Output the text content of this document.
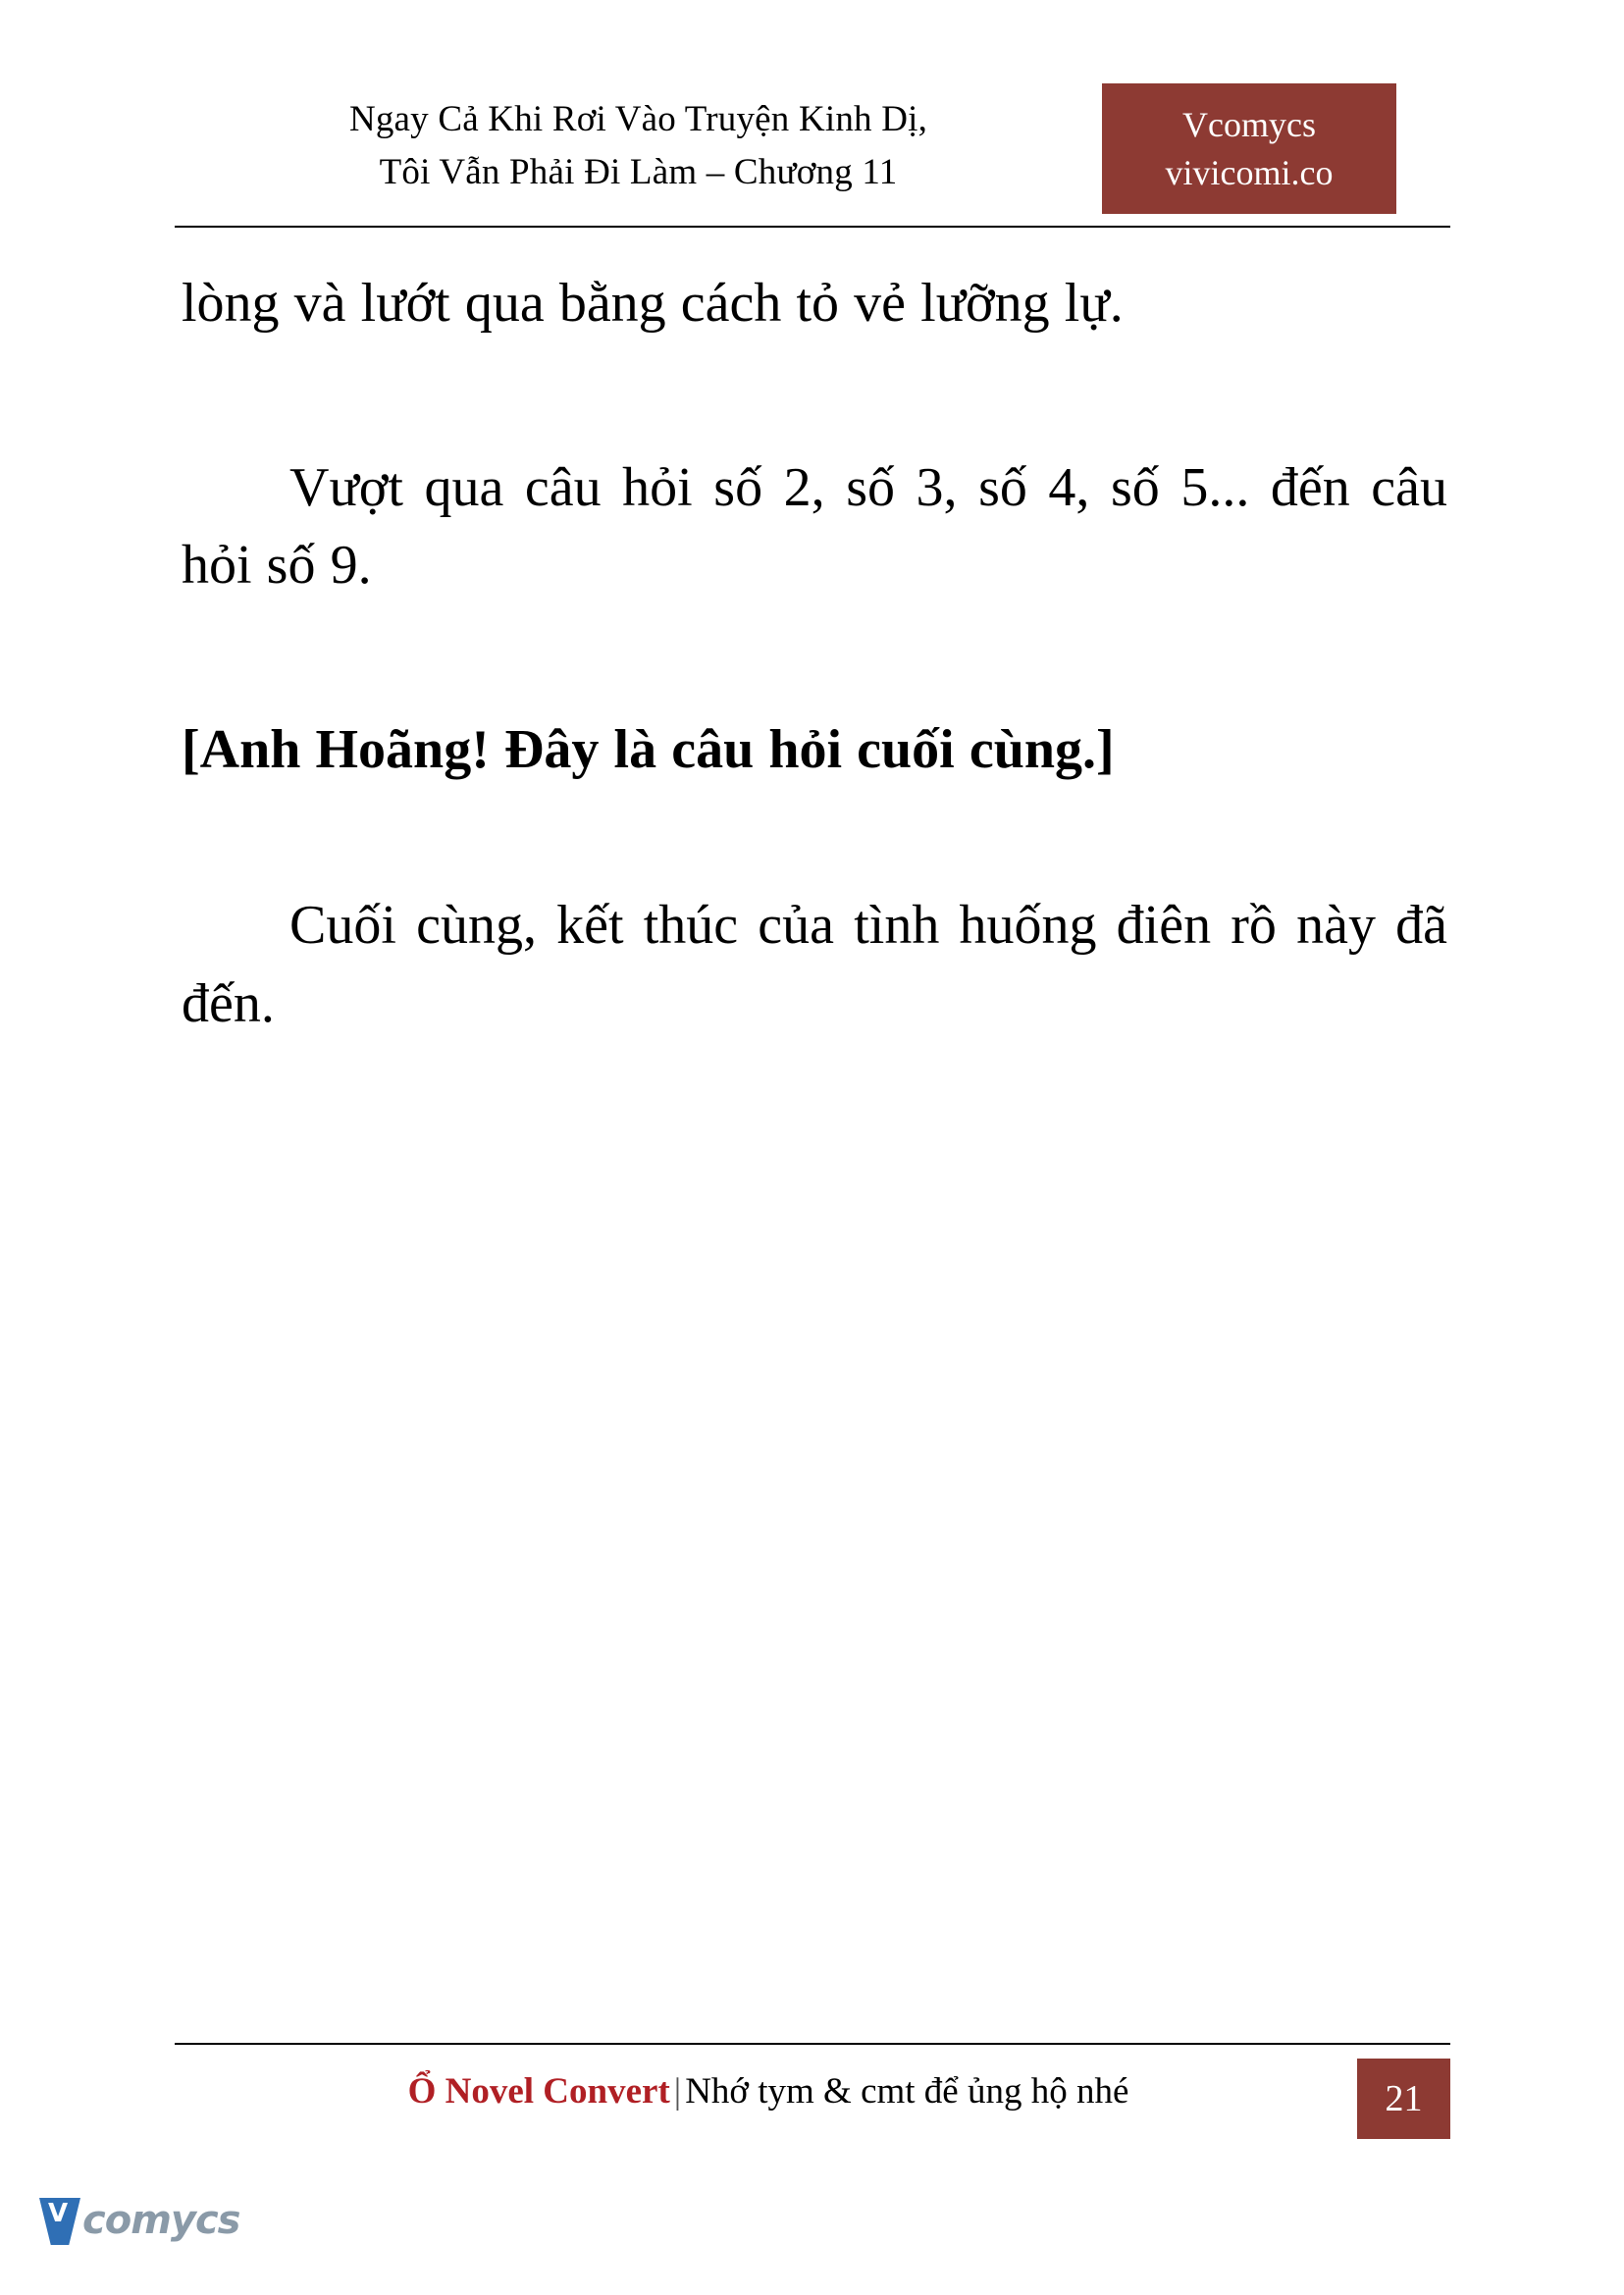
Ngay Cả Khi Rơi Vào Truyện Kinh Dị,
Tôi Vẫn Phải Đi Làm – Chương 11
Vcomycs
vivicomi.co

lòng và lướt qua bằng cách tỏ vẻ lưỡng lự.

Vượt qua câu hỏi số 2, số 3, số 4, số 5... đến câu hỏi số 9.

[Anh Hoãng! Đây là câu hỏi cuối cùng.]

Cuối cùng, kết thúc của tình huống điên rồ này đã đến.

Ổ Novel Convert | Nhớ tym & cmt để ủng hộ nhé	21
V comycs
